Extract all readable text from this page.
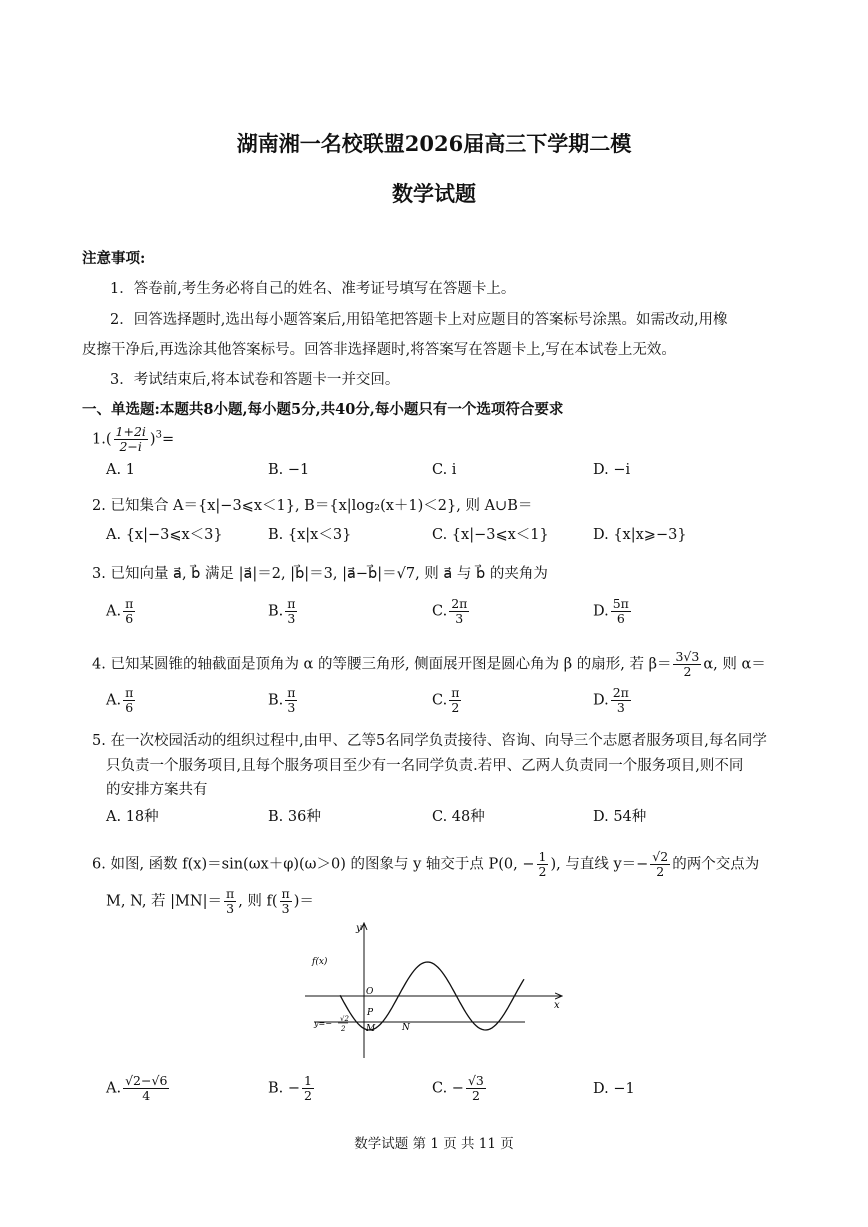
湖南湘一名校联盟2026届高三下学期二模
数学试题
注意事项:
1．答卷前,考生务必将自己的姓名、准考证号填写在答题卡上。
2．回答选择题时,选出每小题答案后,用铅笔把答题卡上对应题目的答案标号涂黑。如需改动,用橡
皮擦干净后,再选涂其他答案标号。回答非选择题时,将答案写在答题卡上,写在本试卷上无效。
3．考试结束后,将本试卷和答题卡一并交回。
一、单选题:本题共8小题,每小题5分,共40分,每小题只有一个选项符合要求
$1.( \frac{1+2i}{2-i} )^3=$
A. 1	B. −1	C. i	D. −i
2. 已知集合 A＝{x|−3⩽x＜1}, B＝{x|log₂(x＋1)＜2}, 则 A∪B＝
A. {x|−3⩽x＜3}	B. {x|x＜3}	C. {x|−3⩽x＜1}	D. {x|x⩾−3}
3. 已知向量 a⃗, b⃗ 满足 |a⃗|＝2, |b⃗|＝3, |a⃗−b⃗|＝√7, 则 a⃗ 与 b⃗ 的夹角为
A. $\frac{\pi}{6}$	B. $\frac{\pi}{3}$	C. $\frac{2\pi}{3}$	D. $\frac{5\pi}{6}$
4. 已知某圆锥的轴截面是顶角为 α 的等腰三角形, 侧面展开图是圆心角为 β 的扇形, 若 $\beta= \frac{3√3}{2} \alpha$, 则 α＝
A. $\frac{\pi}{6}$	B. $\frac{\pi}{3}$	C. $\frac{\pi}{2}$	D. $\frac{2\pi}{3}$
5. 在一次校园活动的组织过程中,由甲、乙等5名同学负责接待、咨询、向导三个志愿者服务项目,每名同学
只负责一个服务项目,且每个服务项目至少有一名同学负责.若甲、乙两人负责同一个服务项目,则不同
的安排方案共有
A. 18种	B. 36种	C. 48种	D. 54种
6. 如图, 函数 f(x)＝sin(ωx＋φ)(ω＞0) 的图象与 y 轴交于点 P(0, − $\frac{1}{2}$ ), 与直线 $y=- \frac{√2}{2}$ 的两个交点为
M, N, 若 $|MN|= \frac{\pi}{3}$ , 则 $f( \frac{\pi}{3}$ )＝
f(x)
y
x
O
P
M	N
y=− √2
2
A. $\frac{√2-√6}{4}$	B. − $\frac{1}{2}$	C. − $\frac{√3}{2}$	D. −1
数学试题 第 1 页 共 11 页
